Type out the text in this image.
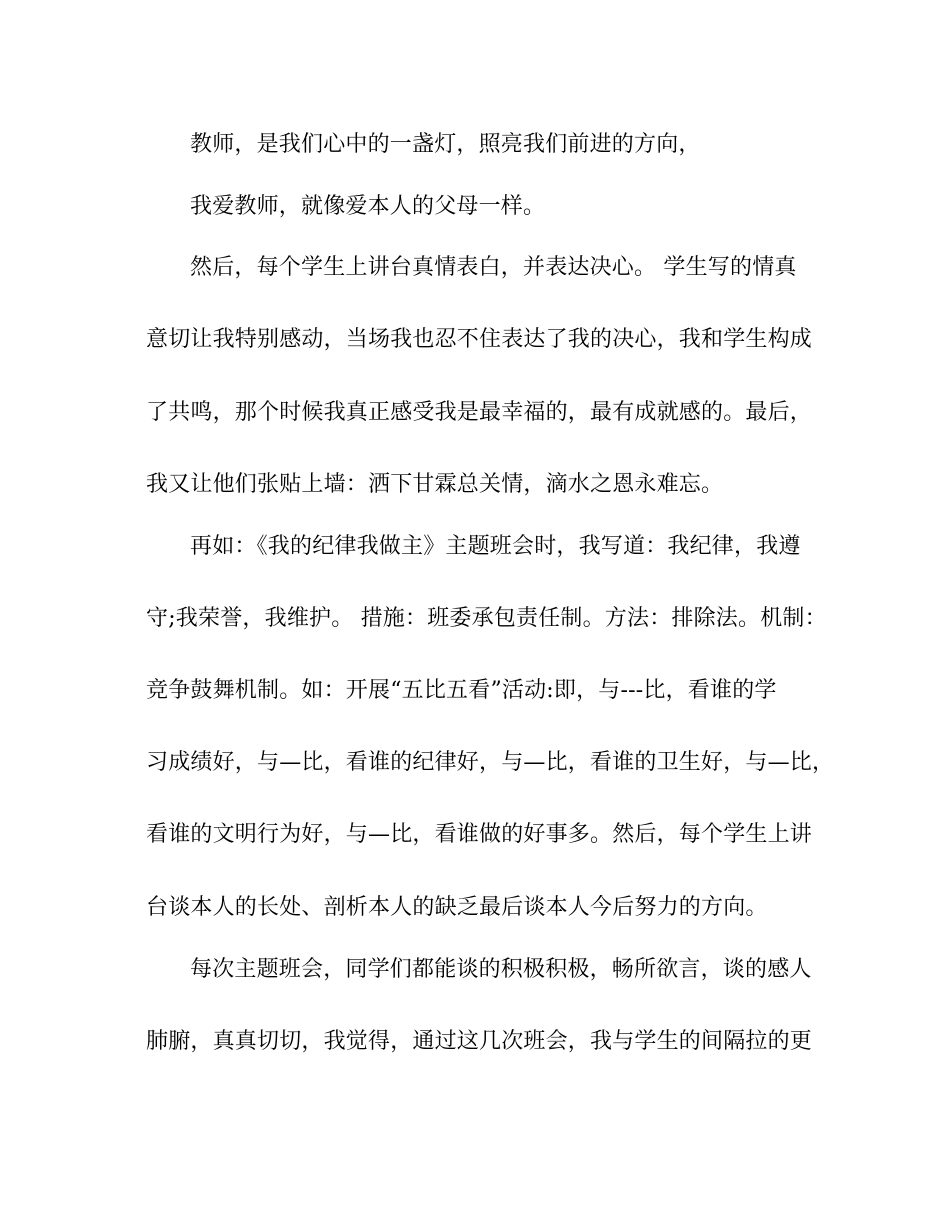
教师，是我们心中的一盏灯，照亮我们前进的方向，
我爱教师，就像爱本人的父母一样。
然后，每个学生上讲台真情表白，并表达决心。 学生写的情真
意切让我特别感动，当场我也忍不住表达了我的决心，我和学生构成
了共鸣，那个时候我真正感受我是最幸福的，最有成就感的。最后，
我又让他们张贴上墙：洒下甘霖总关情，滴水之恩永难忘。
再如：《我的纪律我做主》主题班会时，我写道：我纪律，我遵
守;我荣誉，我维护。 措施：班委承包责任制。方法：排除法。机制：
竞争鼓舞机制。如：开展“五比五看”活动:即，与---比，看谁的学
习成绩好，与—比，看谁的纪律好，与—比，看谁的卫生好，与—比，
看谁的文明行为好，与—比，看谁做的好事多。然后，每个学生上讲
台谈本人的长处、剖析本人的缺乏最后谈本人今后努力的方向。
每次主题班会，同学们都能谈的积极积极，畅所欲言，谈的感人
肺腑，真真切切，我觉得，通过这几次班会，我与学生的间隔拉的更
